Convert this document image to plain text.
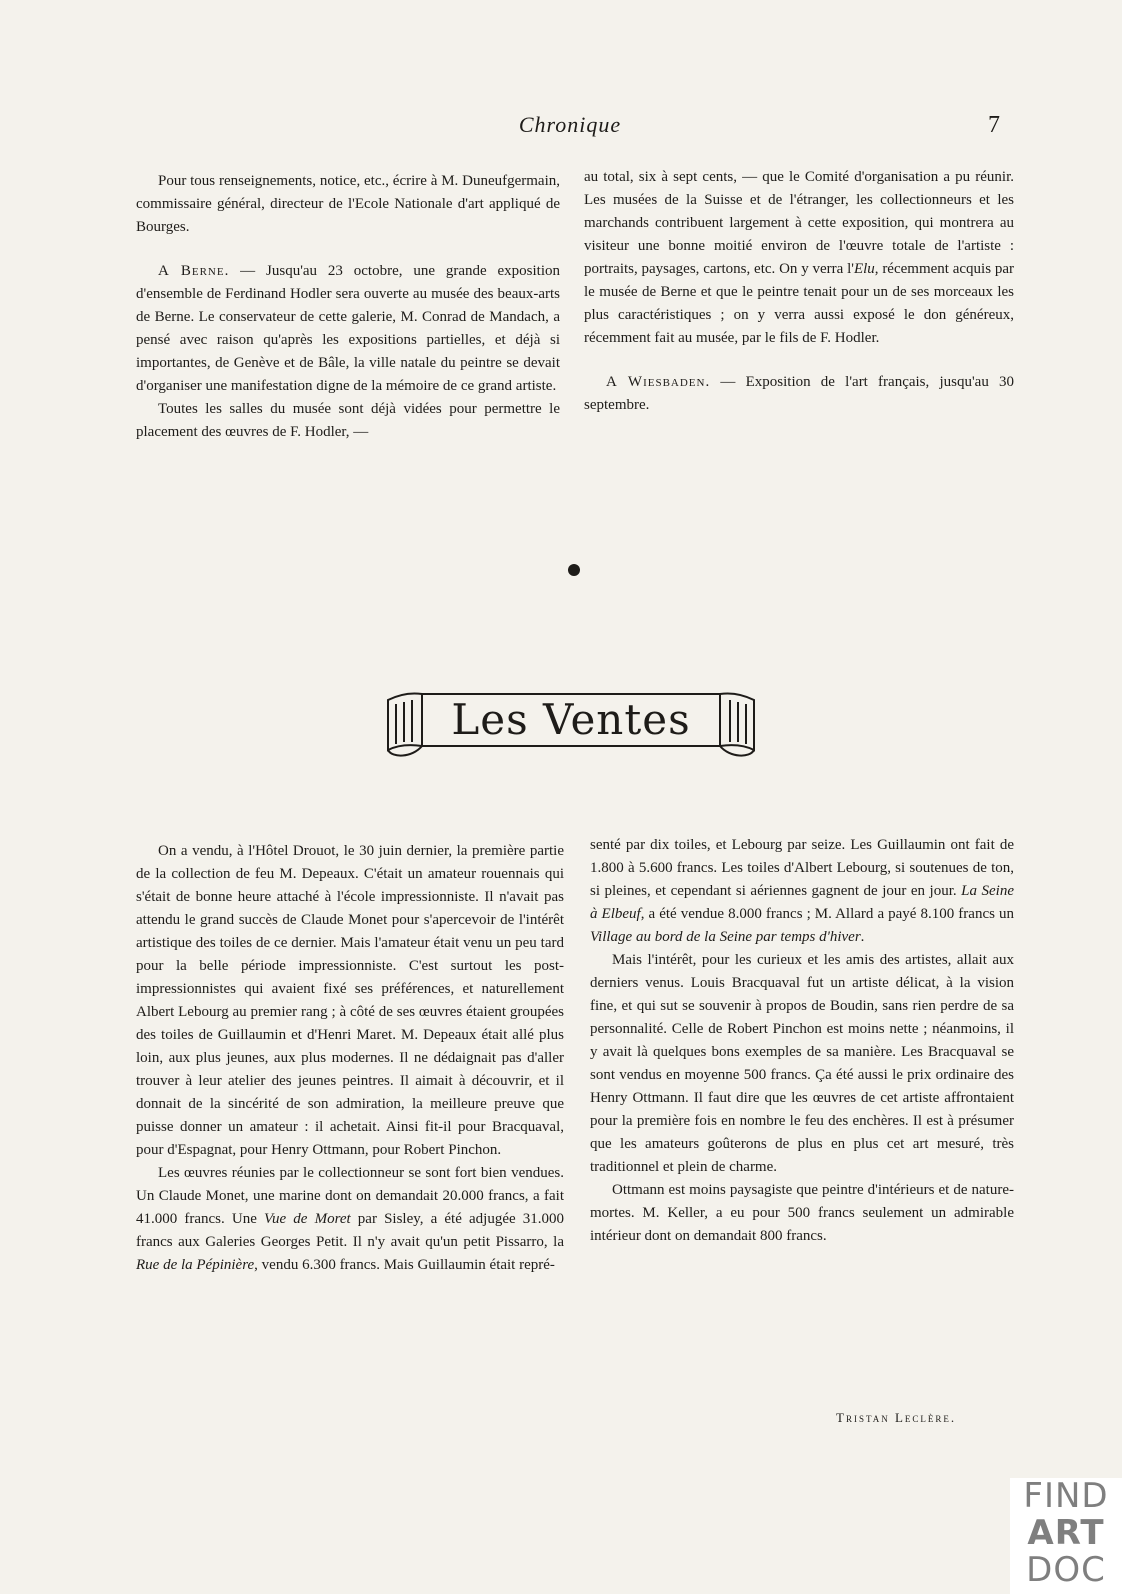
Chronique	7

Pour tous renseignements, notice, etc., écrire à M. Duneufgermain, commissaire général, directeur de l'Ecole Nationale d'art appliqué de Bourges.

A Berne. — Jusqu'au 23 octobre, une grande exposition d'ensemble de Ferdinand Hodler sera ouverte au musée des beaux-arts de Berne. Le conservateur de cette galerie, M. Conrad de Mandach, a pensé avec raison qu'après les expositions partielles, et déjà si importantes, de Genève et de Bâle, la ville natale du peintre se devait d'organiser une manifestation digne de la mémoire de ce grand artiste.

Toutes les salles du musée sont déjà vidées pour permettre le placement des œuvres de F. Hodler, —

au total, six à sept cents, — que le Comité d'organisation a pu réunir. Les musées de la Suisse et de l'étranger, les collectionneurs et les marchands contribuent largement à cette exposition, qui montrera au visiteur une bonne moitié environ de l'œuvre totale de l'artiste : portraits, paysages, cartons, etc. On y verra l'Elu, récemment acquis par le musée de Berne et que le peintre tenait pour un de ses morceaux les plus caractéristiques ; on y verra aussi exposé le don généreux, récemment fait au musée, par le fils de F. Hodler.

A Wiesbaden. — Exposition de l'art français, jusqu'au 30 septembre.

Les Ventes

On a vendu, à l'Hôtel Drouot, le 30 juin dernier, la première partie de la collection de feu M. Depeaux. C'était un amateur rouennais qui s'était de bonne heure attaché à l'école impressionniste. Il n'avait pas attendu le grand succès de Claude Monet pour s'apercevoir de l'intérêt artistique des toiles de ce dernier. Mais l'amateur était venu un peu tard pour la belle période impressionniste. C'est surtout les post-impressionnistes qui avaient fixé ses préférences, et naturellement Albert Lebourg au premier rang ; à côté de ses œuvres étaient groupées des toiles de Guillaumin et d'Henri Maret. M. Depeaux était allé plus loin, aux plus jeunes, aux plus modernes. Il ne dédaignait pas d'aller trouver à leur atelier des jeunes peintres. Il aimait à découvrir, et il donnait de la sincérité de son admiration, la meilleure preuve que puisse donner un amateur : il achetait. Ainsi fit-il pour Bracquaval, pour d'Espagnat, pour Henry Ottmann, pour Robert Pinchon.

Les œuvres réunies par le collectionneur se sont fort bien vendues. Un Claude Monet, une marine dont on demandait 20.000 francs, a fait 41.000 francs. Une Vue de Moret par Sisley, a été adjugée 31.000 francs aux Galeries Georges Petit. Il n'y avait qu'un petit Pissarro, la Rue de la Pépinière, vendu 6.300 francs. Mais Guillaumin était repré-

senté par dix toiles, et Lebourg par seize. Les Guillaumin ont fait de 1.800 à 5.600 francs. Les toiles d'Albert Lebourg, si soutenues de ton, si pleines, et cependant si aériennes gagnent de jour en jour. La Seine à Elbeuf, a été vendue 8.000 francs ; M. Allard a payé 8.100 francs un Village au bord de la Seine par temps d'hiver.

Mais l'intérêt, pour les curieux et les amis des artistes, allait aux derniers venus. Louis Bracquaval fut un artiste délicat, à la vision fine, et qui sut se souvenir à propos de Boudin, sans rien perdre de sa personnalité. Celle de Robert Pinchon est moins nette ; néanmoins, il y avait là quelques bons exemples de sa manière. Les Bracquaval se sont vendus en moyenne 500 francs. Ça été aussi le prix ordinaire des Henry Ottmann. Il faut dire que les œuvres de cet artiste affrontaient pour la première fois en nombre le feu des enchères. Il est à présumer que les amateurs goûterons de plus en plus cet art mesuré, très traditionnel et plein de charme.

Ottmann est moins paysagiste que peintre d'intérieurs et de nature-mortes. M. Keller, a eu pour 500 francs seulement un admirable intérieur dont on demandait 800 francs.

Tristan Leclère.
FIND
ART
DOC
